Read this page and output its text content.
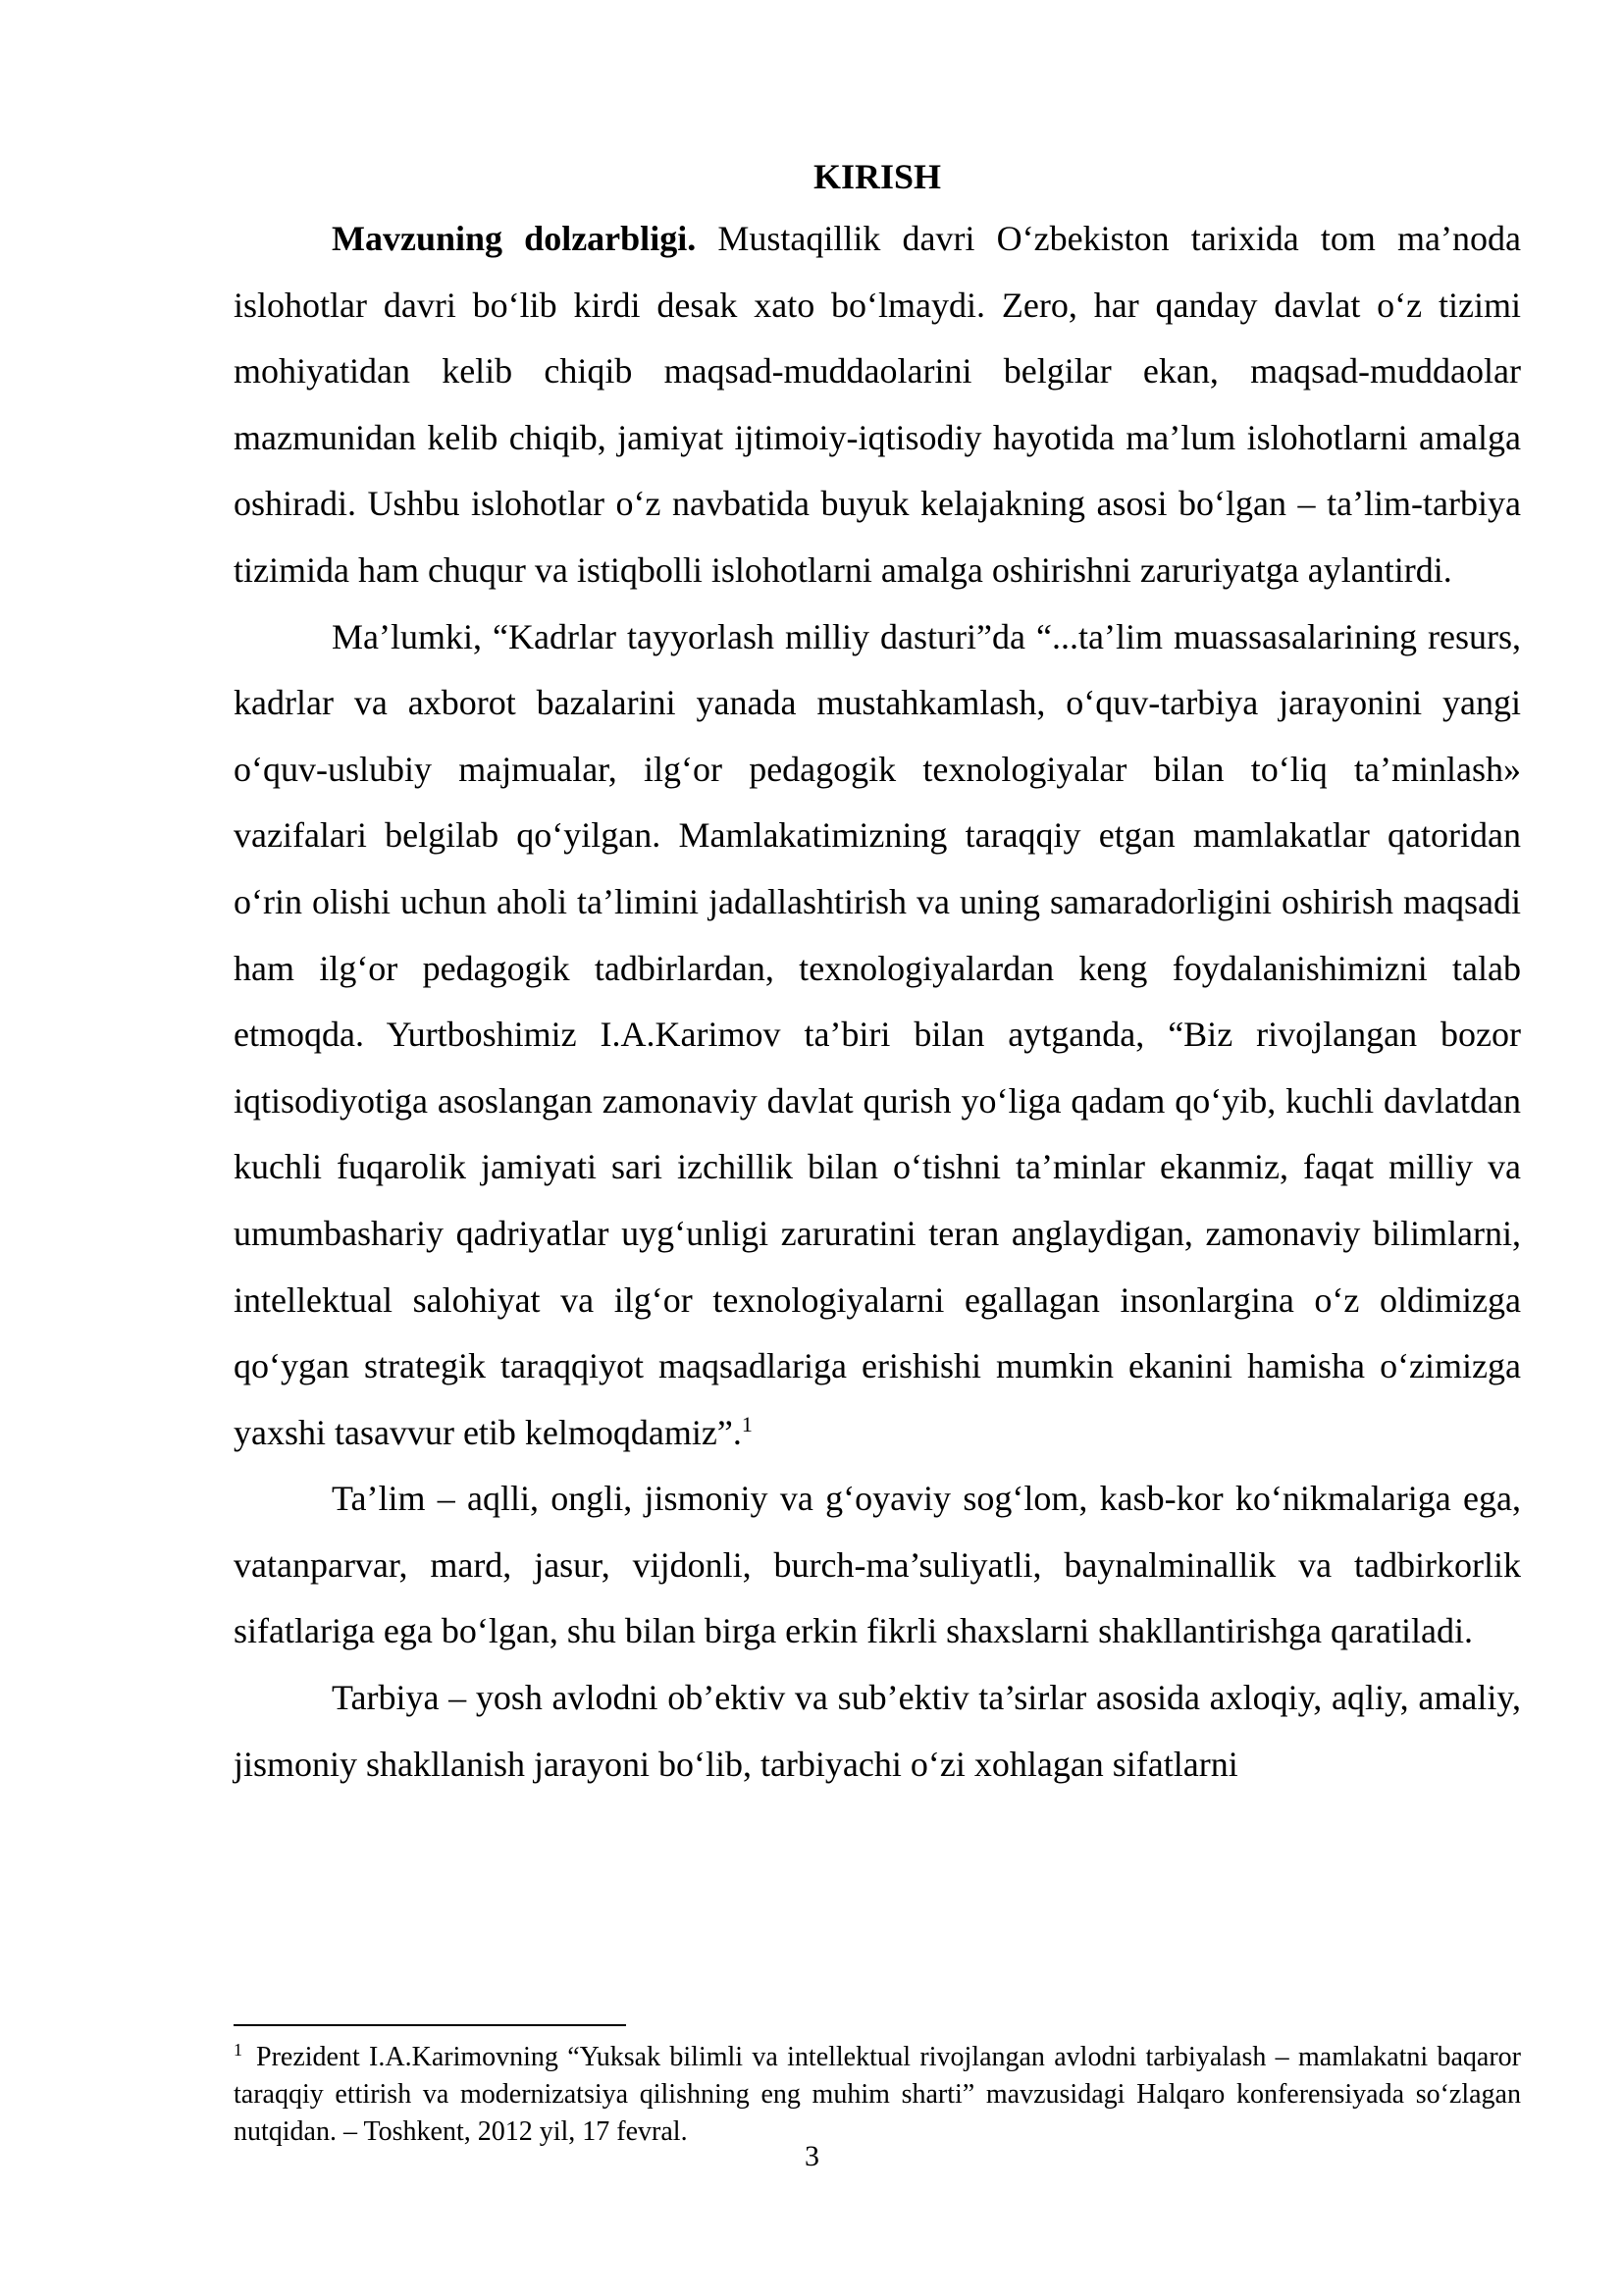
KIRISH

Mavzuning dolzarbligi. Mustaqillik davri O‘zbekiston tarixida tom ma’noda islohotlar davri bo‘lib kirdi desak xato bo‘lmaydi. Zero, har qanday davlat o‘z tizimi mohiyatidan kelib chiqib maqsad-muddaolarini belgilar ekan, maqsad-muddaolar mazmunidan kelib chiqib, jamiyat ijtimoiy-iqtisodiy hayotida ma’lum islohotlarni amalga oshiradi. Ushbu islohotlar o‘z navbatida buyuk kelajakning asosi bo‘lgan – ta’lim-tarbiya tizimida ham chuqur va istiqbolli islohotlarni amalga oshirishni zaruriyatga aylantirdi.

Ma’lumki, “Kadrlar tayyorlash milliy dasturi”da “...ta’lim muassasalarining resurs, kadrlar va axborot bazalarini yanada mustahkamlash, o‘quv-tarbiya jarayonini yangi o‘quv-uslubiy majmualar, ilg‘or pedagogik texnologiyalar bilan to‘liq ta’minlash» vazifalari belgilab qo‘yilgan. Mamlakatimizning taraqqiy etgan mamlakatlar qatoridan o‘rin olishi uchun aholi ta’limini jadallashtirish va uning samaradorligini oshirish maqsadi ham ilg‘or pedagogik tadbirlardan, texnologiyalardan keng foydalanishimizni talab etmoqda. Yurtboshimiz I.A.Karimov ta’biri bilan aytganda, “Biz rivojlangan bozor iqtisodiyotiga asoslangan zamonaviy davlat qurish yo‘liga qadam qo‘yib, kuchli davlatdan kuchli fuqarolik jamiyati sari izchillik bilan o‘tishni ta’minlar ekanmiz, faqat milliy va umumbashariy qadriyatlar uyg‘unligi zaruratini teran anglaydigan, zamonaviy bilimlarni, intellektual salohiyat va ilg‘or texnologiyalarni egallagan insonlargina o‘z oldimizga qo‘ygan strategik taraqqiyot maqsadlariga erishishi mumkin ekanini hamisha o‘zimizga yaxshi tasavvur etib kelmoqdamiz”.$^1$

Ta’lim – aqlli, ongli, jismoniy va g‘oyaviy sog‘lom, kasb-kor ko‘nikmalariga ega, vatanparvar, mard, jasur, vijdonli, burch-ma’suliyatli, baynalminallik va tadbirkorlik sifatlariga ega bo‘lgan, shu bilan birga erkin fikrli shaxslarni shakllantirishga qaratiladi.

Tarbiya – yosh avlodni ob’ektiv va sub’ektiv ta’sirlar asosida axloqiy, aqliy, amaliy, jismoniy shakllanish jarayoni bo‘lib, tarbiyachi o‘zi xohlagan sifatlarni

$^1$ Prezident I.A.Karimovning “Yuksak bilimli va intellektual rivojlangan avlodni tarbiyalash – mamlakatni baqaror taraqqiy ettirish va modernizatsiya qilishning eng muhim sharti” mavzusidagi Halqaro konferensiyada so‘zlagan nutqidan. – Toshkent, 2012 yil, 17 fevral.

3
